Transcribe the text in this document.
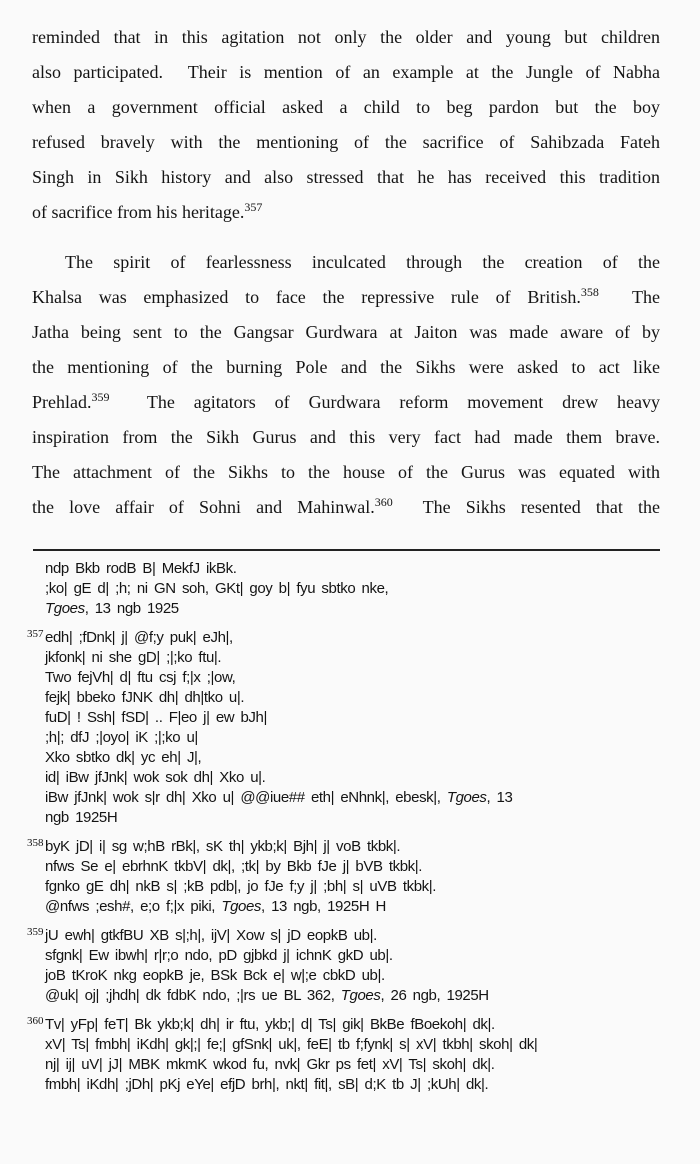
reminded that in this agitation not only the older and young but children
also participated.  Their is mention of an example at the Jungle of Nabha
when a government official asked a child to beg pardon but the boy
refused bravely with the mentioning of the sacrifice of Sahibzada Fateh
Singh in Sikh history and also stressed that he has received this tradition
of sacrifice from his heritage.$^{357}$
The spirit of fearlessness inculcated through the creation of the
Khalsa was emphasized to face the repressive rule of British.$^{358}$  The
Jatha being sent to the Gangsar Gurdwara at Jaiton was made aware of by
the mentioning of the burning Pole and the Sikhs were asked to act like
Prehlad.$^{359}$  The agitators of Gurdwara reform movement drew heavy
inspiration from the Sikh Gurus and this very fact had made them brave.
The attachment of the Sikhs to the house of the Gurus was equated with
the love affair of Sohni and Mahinwal.$^{360}$  The Sikhs resented that the
ndp Bkb rodB B| MekfJ ikBk.
;ko| gE d| ;h; ni GN soh, GKt| goy b| fyu sbtko nke,
Tgoes, 13 ngb 1925
357 edh| ;fDnk| j| @f;y puk| eJh|,
jkfonk| ni she gD| ;|;ko ftu|.
Two fejVh| d| ftu csj f;|x ;|ow,
fejk| bbeko fJNK dh| dh|tko u|.
fuD| ! Ssh| fSD| .. F|eo j| ew bJh|
;h|; dfJ ;|oyo| iK ;|;ko u|
Xko sbtko dk| yc eh| J|,
id| iBw jfJnk| wok sok dh| Xko u|.
iBw jfJnk| wok s|r dh| Xko u| @@iue## eth| eNhnk|, ebesk|, Tgoes, 13
ngb 1925H
358 byK jD| i| sg w;hB rBk|, sK th| ykb;k| Bjh| j| voB tkbk|.
nfws Se e| ebrhnK tkbV| dk|, ;tk| by Bkb fJe j| bVB tkbk|.
fgnko gE dh| nkB s| ;kB pdb|, jo fJe f;y j| ;bh| s| uVB tkbk|.
@nfws ;esh#, e;o f;|x piki, Tgoes, 13 ngb, 1925H H
359 jU ewh| gtkfBU XB s|;h|, ijV| Xow s| jD eopkB ub|.
sfgnk| Ew ibwh| r|r;o ndo, pD gjbkd j| ichnK gkD ub|.
joB tKroK nkg eopkB je, BSk Bck e| w|;e cbkD ub|.
@uk| oj| ;jhdh| dk fdbK ndo, ;|rs ue BL 362, Tgoes, 26 ngb, 1925H
360 Tv| yFp| feT| Bk ykb;k| dh| ir ftu, ykb;| d| Ts| gik| BkBe fBoekoh| dk|.
xV| Ts| fmbh| iKdh| gk|;| fe;| gfSnk| uk|, feE| tb f;fynk| s| xV| tkbh| skoh| dk|
nj| ij| uV| jJ| MBK mkmK wkod fu, nvk| Gkr ps fet| xV| Ts| skoh| dk|.
fmbh| iKdh| ;jDh| pKj eYe| efjD brh|, nkt| fit|, sB| d;K tb J| ;kUh| dk|.
